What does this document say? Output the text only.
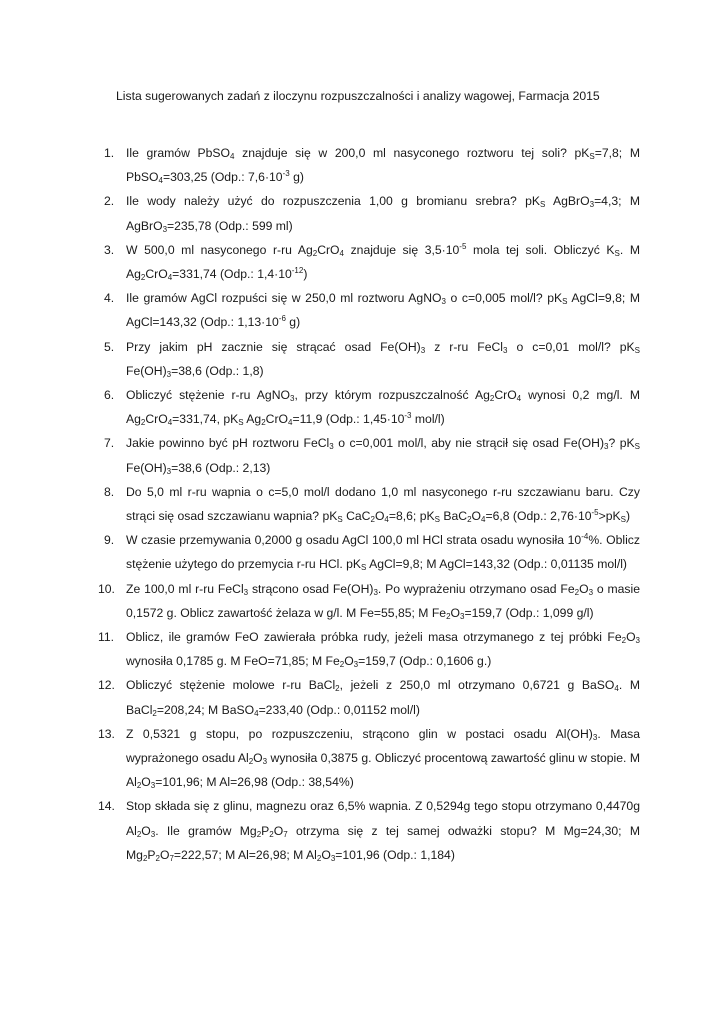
Lista sugerowanych zadań z iloczynu rozpuszczalności i analizy wagowej, Farmacja 2015
1. Ile gramów PbSO$_4$ znajduje się w 200,0 ml nasyconego roztworu tej soli? $pK_S=7,8$; M PbSO$_4$=303,25 (Odp.: $7,6\cdot 10^{-3}$ g)
2. Ile wody należy użyć do rozpuszczenia 1,00 g bromianu srebra? $pK_S$ AgBrO$_3$=4,3; M AgBrO$_3$=235,78 (Odp.: 599 ml)
3. W 500,0 ml nasyconego r-ru $Ag_2CrO_4$ znajduje się $3,5\cdot 10^{-5}$ mola tej soli. Obliczyć $K_S$. M $Ag_2CrO_4=331,74$ (Odp.: $1,4\cdot 10^{-12}$)
4. Ile gramów AgCl rozpuści się w 250,0 ml roztworu AgNO$_3$ o c=0,005 mol/l? $pK_S$ AgCl=9,8; M AgCl=143,32 (Odp.: $1,13\cdot 10^{-6}$ g)
5. Przy jakim pH zacznie się strącać osad $Fe(OH)_3$ z r-ru FeCl$_3$ o c=0,01 mol/l? $pK_S$ $Fe(OH)_3=38,6$ (Odp.: 1,8)
6. Obliczyć stężenie r-ru AgNO$_3$, przy którym rozpuszczalność $Ag_2CrO_4$ wynosi 0,2 mg/l. M $Ag_2CrO_4=331,74$, $pK_S$ $Ag_2CrO_4=11,9$ (Odp.: $1,45\cdot 10^{-3}$ mol/l)
7. Jakie powinno być pH roztworu FeCl$_3$ o c=0,001 mol/l, aby nie strącił się osad $Fe(OH)_3$? $pK_S$ $Fe(OH)_3=38,6$ (Odp.: 2,13)
8. Do 5,0 ml r-ru wapnia o c=5,0 mol/l dodano 1,0 ml nasyconego r-ru szczawianu baru. Czy strąci się osad szczawianu wapnia? $pK_S$ $CaC_2O_4=8,6$; $pK_S$ $BaC_2O_4=6,8$ (Odp.: $2,76\cdot 10^{-5}>pK_S$)
9. W czasie przemywania 0,2000 g osadu AgCl 100,0 ml HCl strata osadu wynosiła $10^{-4}\%$. Oblicz stężenie użytego do przemycia r-ru HCl. $pK_S$ AgCl=9,8; M AgCl=143,32 (Odp.: 0,01135 mol/l)
10. Ze 100,0 ml r-ru FeCl$_3$ strącono osad $Fe(OH)_3$. Po wyprażeniu otrzymano osad $Fe_2O_3$ o masie 0,1572 g. Oblicz zawartość żelaza w g/l. M Fe=55,85; M $Fe_2O_3=159,7$ (Odp.: 1,099 g/l)
11. Oblicz, ile gramów FeO zawierała próbka rudy, jeżeli masa otrzymanego z tej próbki $Fe_2O_3$ wynosiła 0,1785 g. M FeO=71,85; M $Fe_2O_3=159,7$ (Odp.: 0,1606 g.)
12. Obliczyć stężenie molowe r-ru BaCl$_2$, jeżeli z 250,0 ml otrzymano 0,6721 g BaSO$_4$. M BaCl$_2$=208,24; M BaSO$_4$=233,40 (Odp.: 0,01152 mol/l)
13. Z 0,5321 g stopu, po rozpuszczeniu, strącono glin w postaci osadu $Al(OH)_3$. Masa wyprażonego osadu $Al_2O_3$ wynosiła 0,3875 g. Obliczyć procentową zawartość glinu w stopie. M $Al_2O_3=101,96$; M Al=26,98 (Odp.: 38,54%)
14. Stop składa się z glinu, magnezu oraz 6,5% wapnia. Z 0,5294g tego stopu otrzymano 0,4470g $Al_2O_3$. Ile gramów $Mg_2P_2O_7$ otrzyma się z tej samej odważki stopu? M Mg=24,30; M $Mg_2P_2O_7=222,57$; M Al=26,98; M $Al_2O_3=101,96$ (Odp.: 1,184)
